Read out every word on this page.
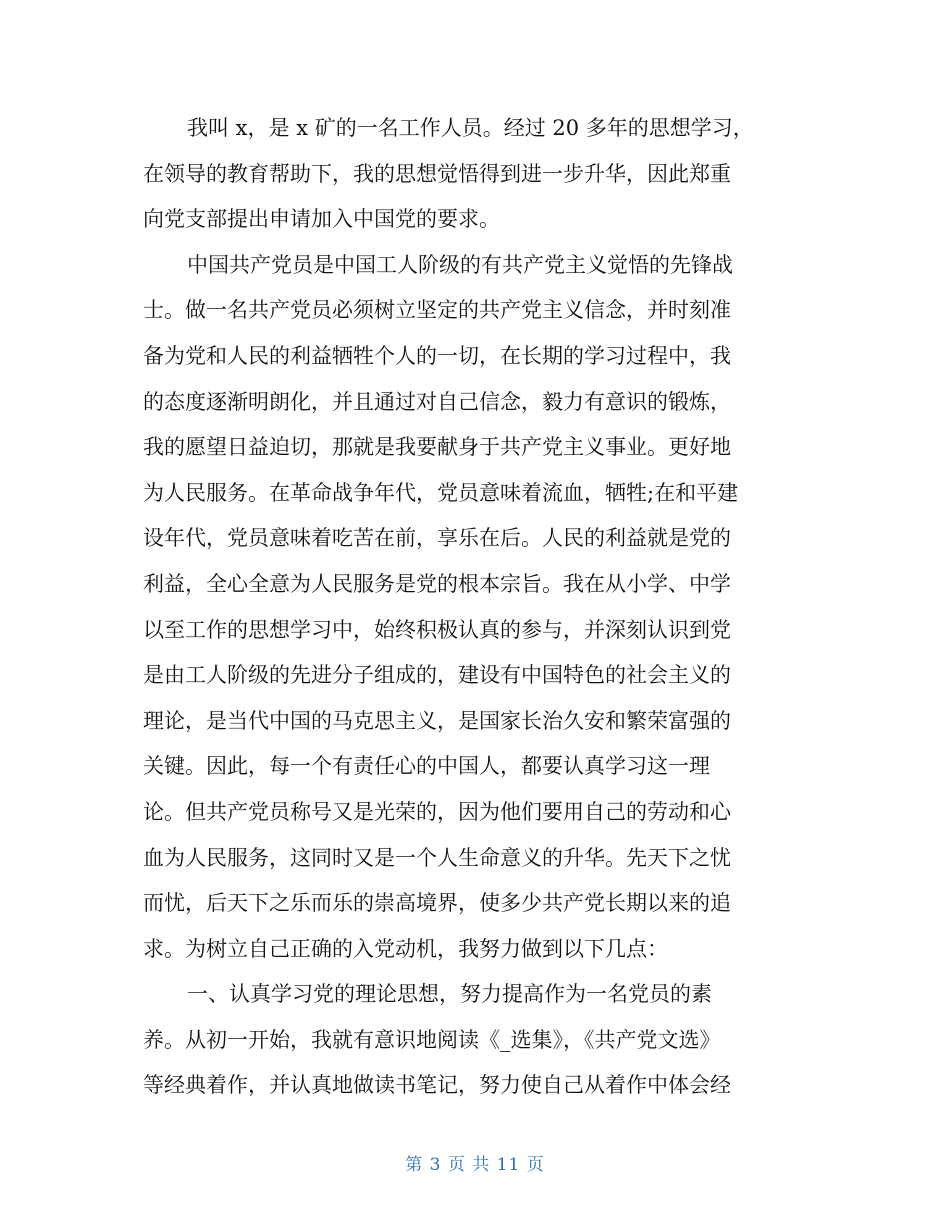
我叫 x，是 x 矿的一名工作人员。经过 20 多年的思想学习，
在领导的教育帮助下，我的思想觉悟得到进一步升华，因此郑重
向党支部提出申请加入中国党的要求。
中国共产党员是中国工人阶级的有共产党主义觉悟的先锋战
士。做一名共产党员必须树立坚定的共产党主义信念，并时刻准
备为党和人民的利益牺牲个人的一切，在长期的学习过程中，我
的态度逐渐明朗化，并且通过对自己信念，毅力有意识的锻炼，
我的愿望日益迫切，那就是我要献身于共产党主义事业。更好地
为人民服务。在革命战争年代，党员意味着流血，牺牲;在和平建
设年代，党员意味着吃苦在前，享乐在后。人民的利益就是党的
利益，全心全意为人民服务是党的根本宗旨。我在从小学、中学
以至工作的思想学习中，始终积极认真的参与，并深刻认识到党
是由工人阶级的先进分子组成的，建设有中国特色的社会主义的
理论，是当代中国的马克思主义，是国家长治久安和繁荣富强的
关键。因此，每一个有责任心的中国人，都要认真学习这一理
论。但共产党员称号又是光荣的，因为他们要用自己的劳动和心
血为人民服务，这同时又是一个人生命意义的升华。先天下之忧
而忧，后天下之乐而乐的崇高境界，使多少共产党长期以来的追
求。为树立自己正确的入党动机，我努力做到以下几点：
一、认真学习党的理论思想，努力提高作为一名党员的素
养。从初一开始，我就有意识地阅读《_选集》，《共产党文选》
等经典着作，并认真地做读书笔记，努力使自己从着作中体会经
第 3 页 共 11 页
